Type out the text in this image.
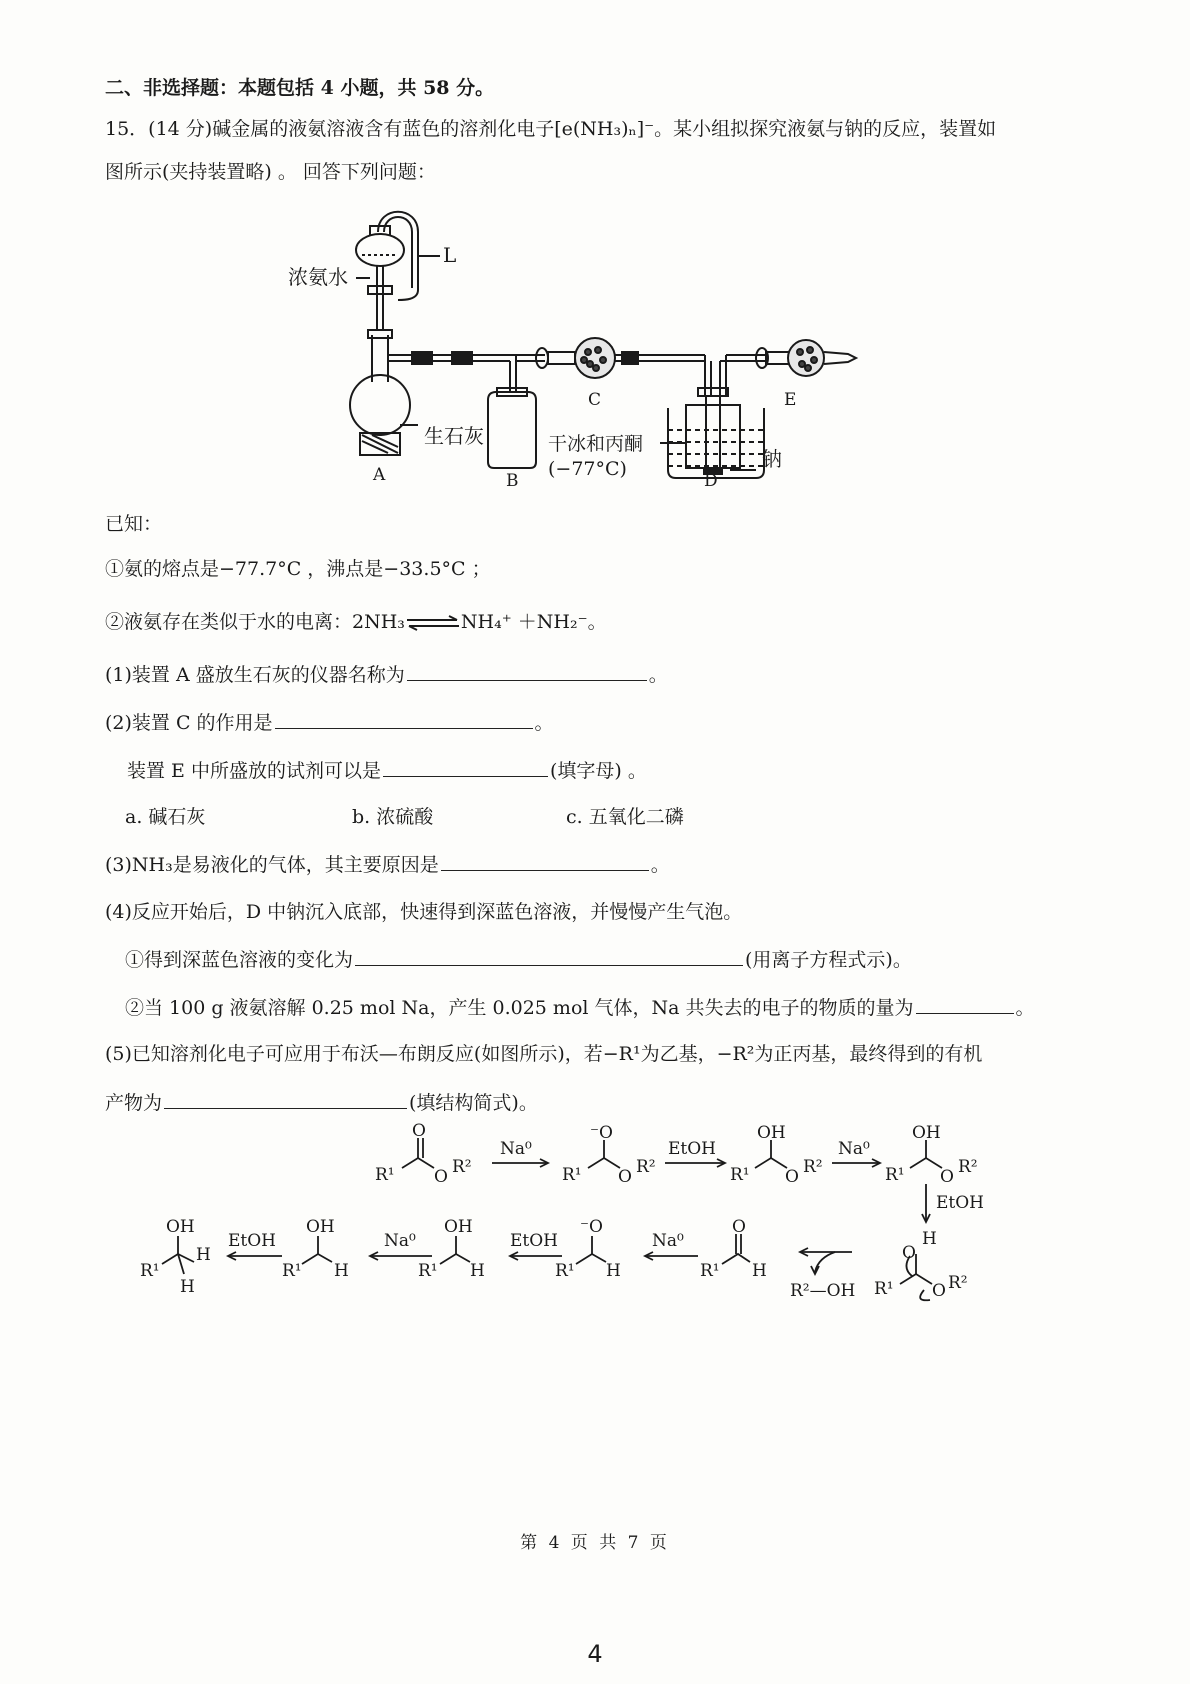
二、非选择题：本题包括 4 小题，共 58 分。
15．(14 分)碱金属的液氨溶液含有蓝色的溶剂化电子[e(NH₃)ₙ]⁻。某小组拟探究液氨与钠的反应，装置如
图所示(夹持装置略) 。 回答下列问题：
浓氨水
L
生石灰
A	B
C
D
E
干冰和丙酮
(−77°C)	钠
已知：
①氨的熔点是−77.7°C ，沸点是−33.5°C ；
②液氨存在类似于水的电离：2NH₃⇌NH₄⁺ ＋NH₂⁻。
(1)装置 A 盛放生石灰的仪器名称为	。
(2)装置 C 的作用是	。
装置 E 中所盛放的试剂可以是	(填字母) 。
a. 碱石灰	b. 浓硫酸	c. 五氧化二磷
(3)NH₃是易液化的气体，其主要原因是	。
(4)反应开始后，D 中钠沉入底部，快速得到深蓝色溶液，并慢慢产生气泡。
①得到深蓝色溶液的变化为	(用离子方程式示)。
②当 100 g 液氨溶解 0.25 mol Na，产生 0.025 mol 气体，Na 共失去的电子的物质的量为	。
(5)已知溶剂化电子可应用于布沃—布朗反应(如图所示)，若−R¹为乙基，−R²为正丙基，最终得到的有机
产物为	(填结构简式)。
R¹
O
O R²
Na⁰
R¹
⁻O
O R²
EtOH
R¹
OH
O R²
Na⁰
R¹
OH
O R²
EtOH
R¹
O
H
O R²
R²—OH
R¹
O
H
Na⁰
R¹
⁻O
H
EtOH
R¹
OH
H
Na⁰
R¹
OH
H
EtOH
R¹
OH
H
H
第 4 页 共 7 页
4
